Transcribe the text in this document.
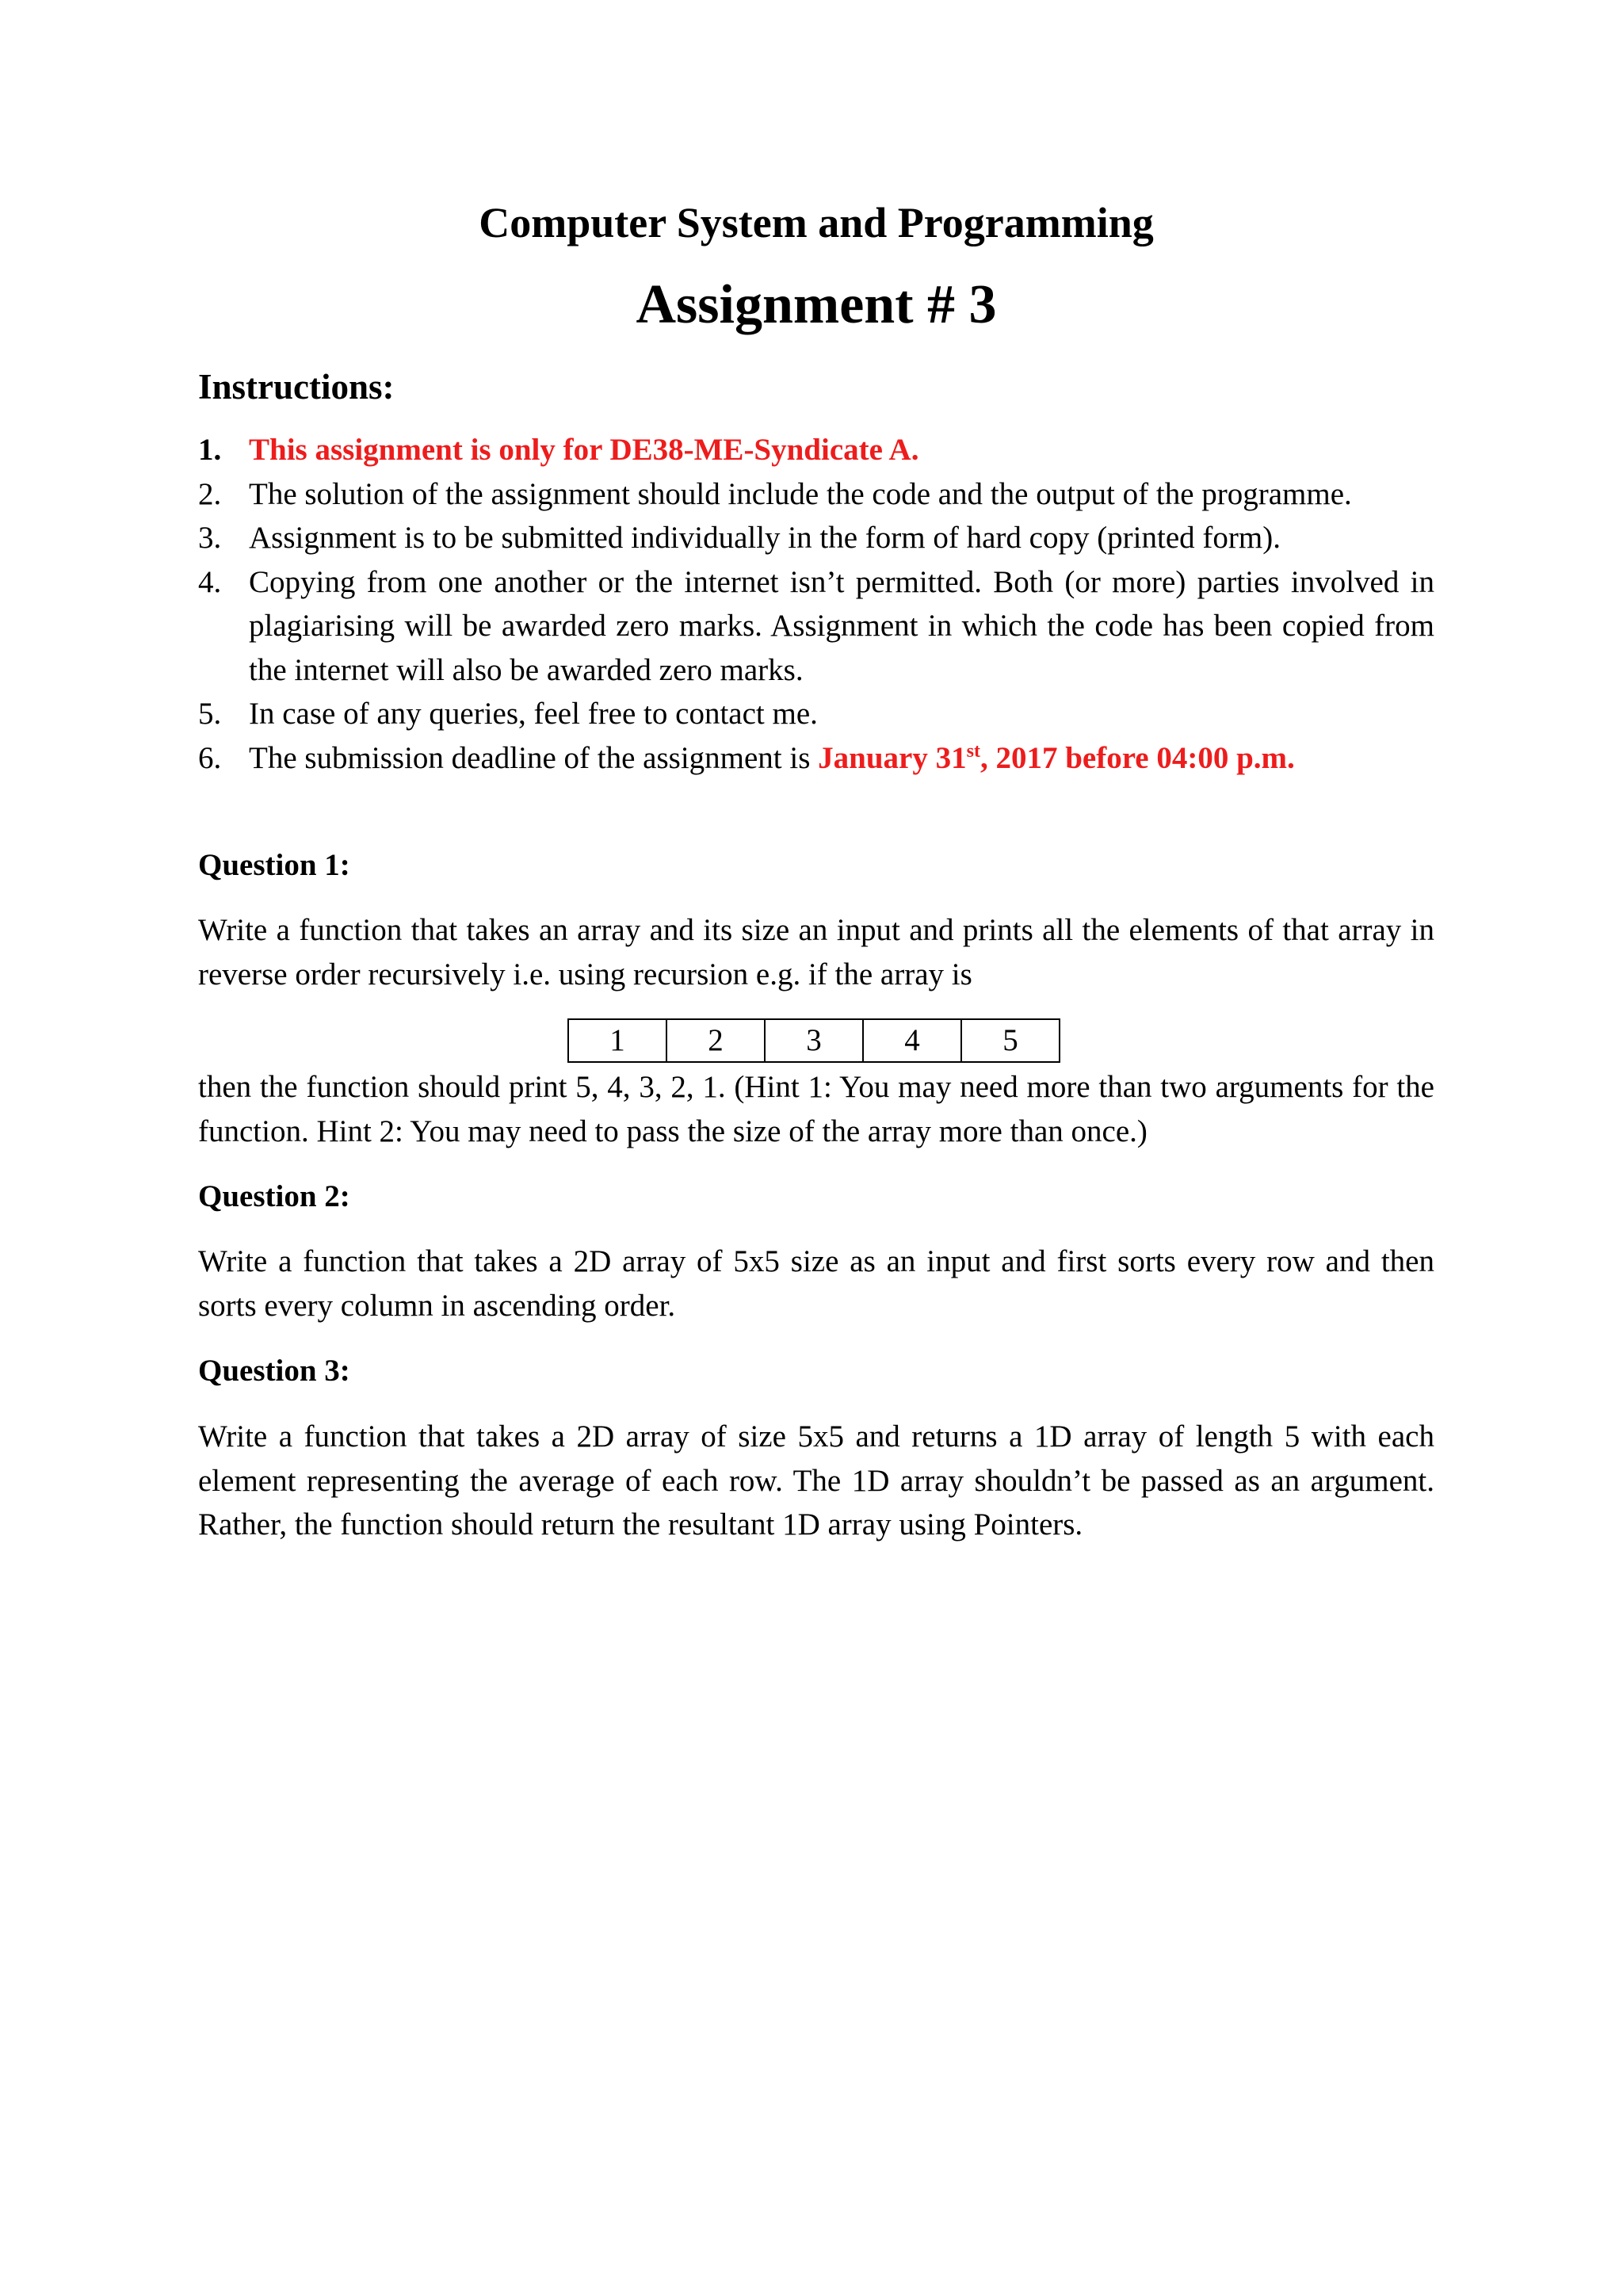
Computer System and Programming
Assignment # 3
Instructions:
1. This assignment is only for DE38-ME-Syndicate A.
2. The solution of the assignment should include the code and the output of the programme.
3. Assignment is to be submitted individually in the form of hard copy (printed form).
4. Copying from one another or the internet isn’t permitted. Both (or more) parties involved in plagiarising will be awarded zero marks. Assignment in which the code has been copied from the internet will also be awarded zero marks.
5. In case of any queries, feel free to contact me.
6. The submission deadline of the assignment is January 31st, 2017 before 04:00 p.m.
Question 1:

Write a function that takes an array and its size an input and prints all the elements of that array in reverse order recursively i.e. using recursion e.g. if the array is

1	2	3	4	5

then the function should print 5, 4, 3, 2, 1. (Hint 1: You may need more than two arguments for the function. Hint 2: You may need to pass the size of the array more than once.)

Question 2:

Write a function that takes a 2D array of 5x5 size as an input and first sorts every row and then sorts every column in ascending order.

Question 3:

Write a function that takes a 2D array of size 5x5 and returns a 1D array of length 5 with each element representing the average of each row. The 1D array shouldn’t be passed as an argument. Rather, the function should return the resultant 1D array using Pointers.
